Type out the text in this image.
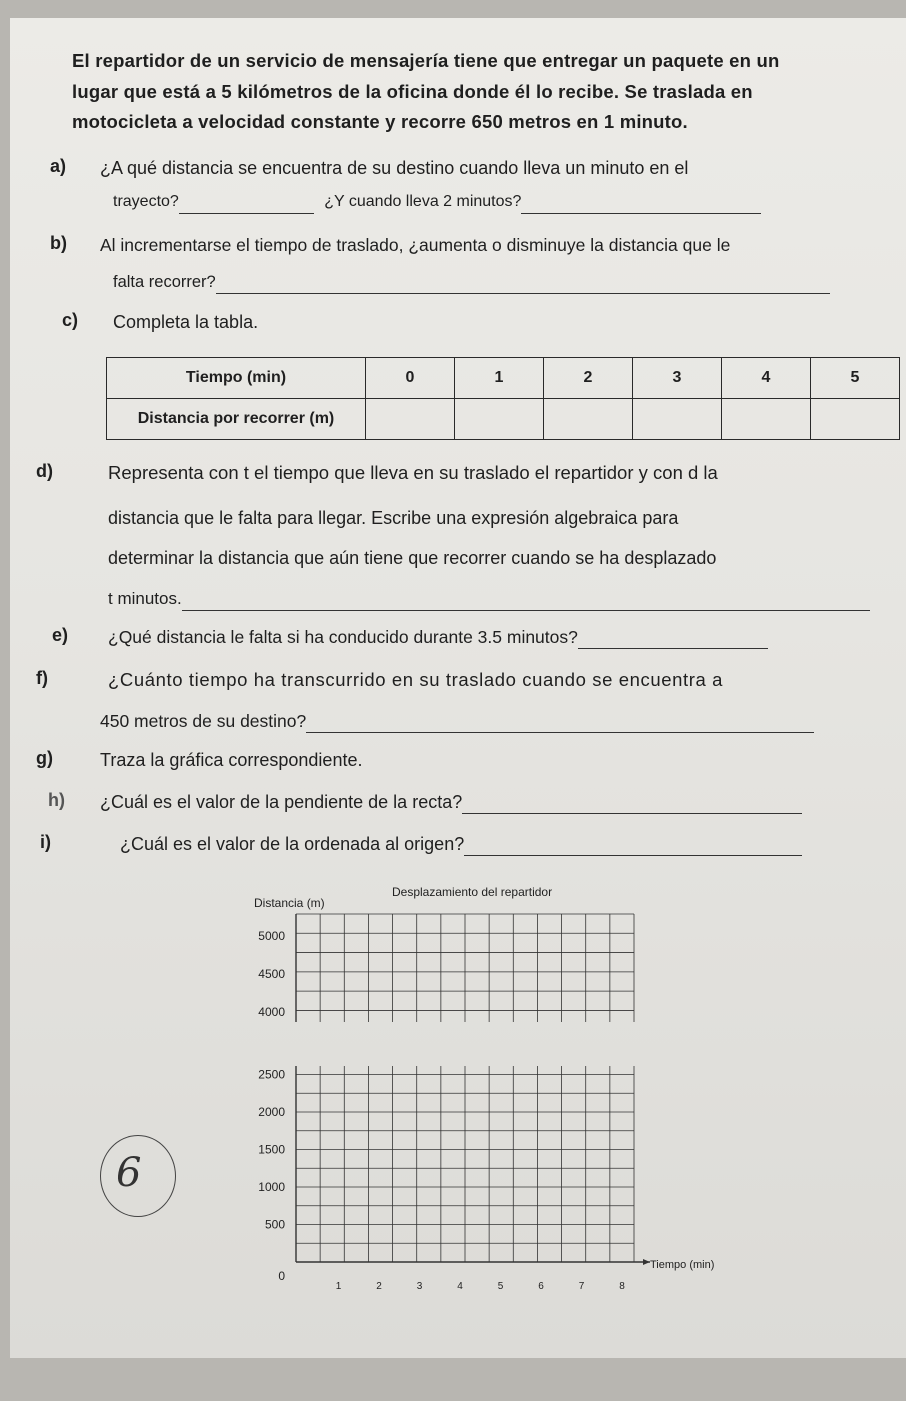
El repartidor de un servicio de mensajería tiene que entregar un paquete en un
lugar que está a 5 kilómetros de la oficina donde él lo recibe. Se traslada en
motocicleta a velocidad constante y recorre 650 metros en 1 minuto.
a) ¿A qué distancia se encuentra de su destino cuando lleva un minuto en el
trayecto?	¿Y cuando lleva 2 minutos?
b) Al incrementarse el tiempo de traslado, ¿aumenta o disminuye la distancia que le
falta recorrer?
c) Completa la tabla.
Tiempo (min)	0	1	2	3	4	5
Distancia por recorrer (m)						
d)	Representa con t el tiempo que lleva en su traslado el repartidor y con d la
distancia que le falta para llegar. Escribe una expresión algebraica para
determinar la distancia que aún tiene que recorrer cuando se ha desplazado
t minutos.
e) ¿Qué distancia le falta si ha conducido durante 3.5 minutos?
f)	¿Cuánto tiempo ha transcurrido en su traslado cuando se encuentra a
450 metros de su destino?
g)	Traza la gráfica correspondiente.
h) ¿Cuál es el valor de la pendiente de la recta?
i)	¿Cuál es el valor de la ordenada al origen?
6
Desplazamiento del repartidor
Distancia (m)
Tiempo (min)
5000
4500
4000
2500
2000
1500
1000
500
0
1	2	3	4	5	6	7	8
